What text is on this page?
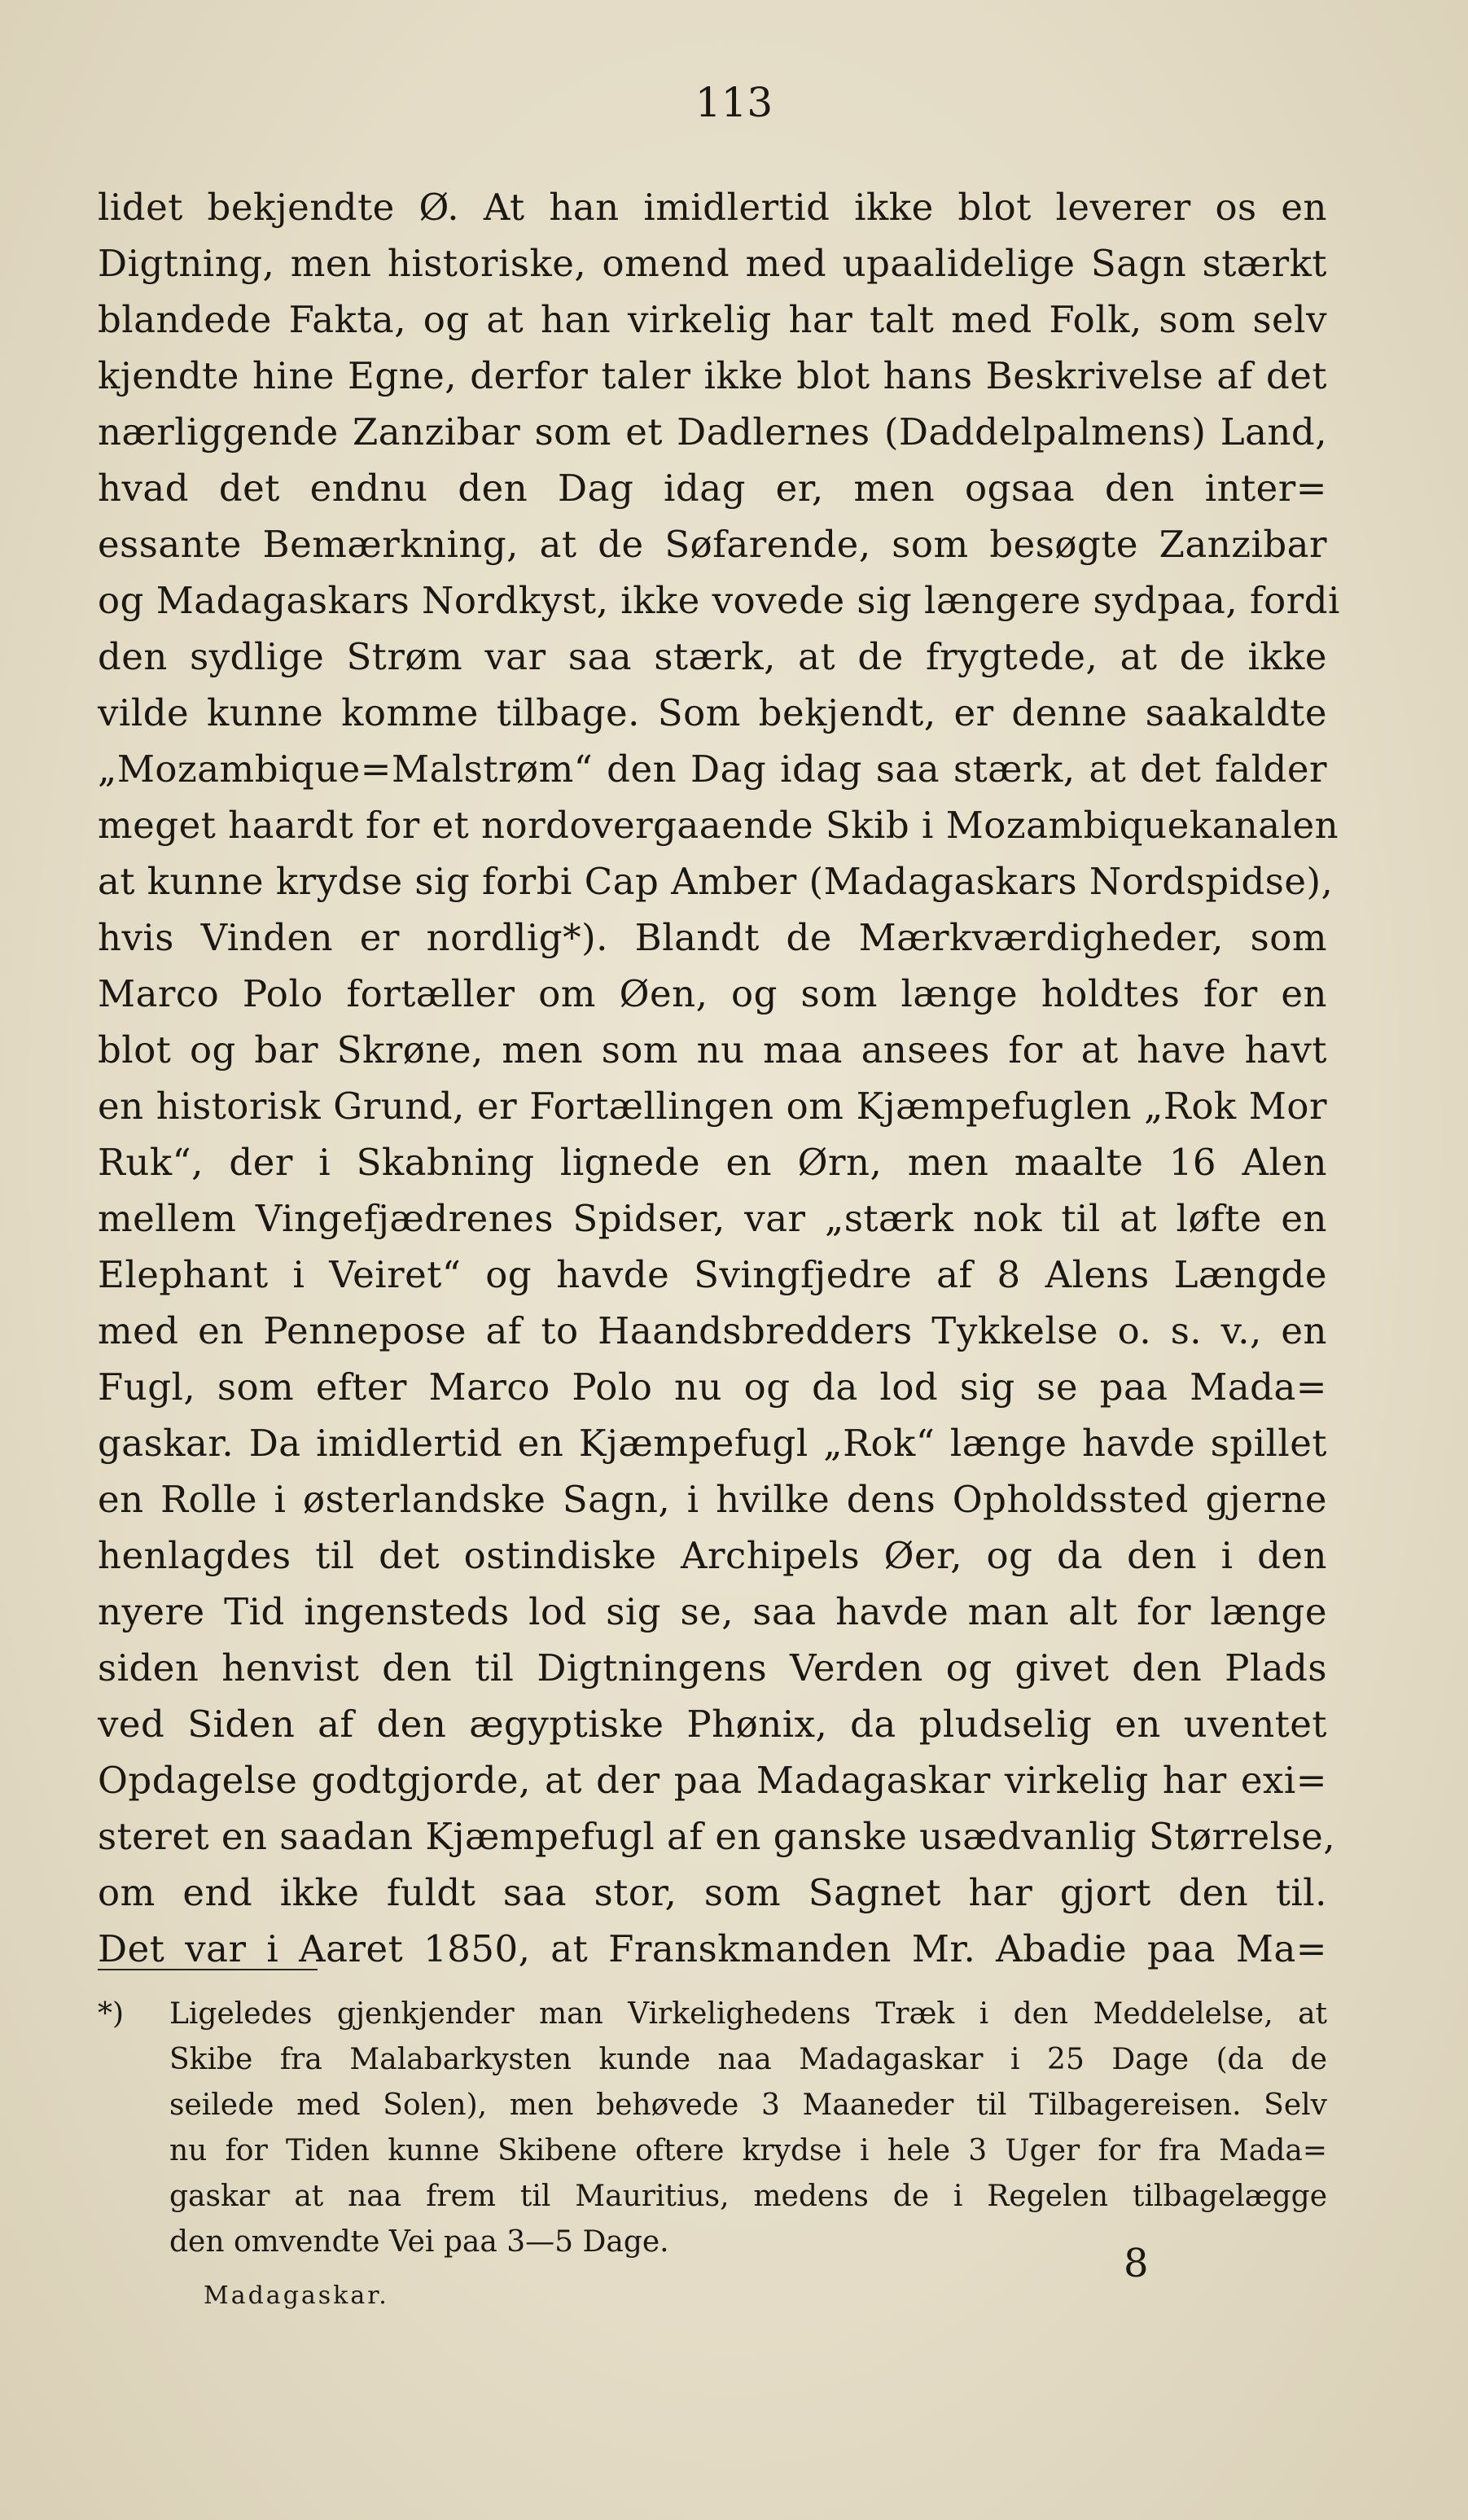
113
lidet bekjendte Ø. At han imidlertid ikke blot leverer os en
Digtning, men historiske, omend med upaalidelige Sagn stærkt
blandede Fakta, og at han virkelig har talt med Folk, som selv
kjendte hine Egne, derfor taler ikke blot hans Beskrivelse af det
nærliggende Zanzibar som et Dadlernes (Daddelpalmens) Land,
hvad det endnu den Dag idag er, men ogsaa den inter=
essante Bemærkning, at de Søfarende, som besøgte Zanzibar
og Madagaskars Nordkyst, ikke vovede sig længere sydpaa, fordi
den sydlige Strøm var saa stærk, at de frygtede, at de ikke
vilde kunne komme tilbage. Som bekjendt, er denne saakaldte
„Mozambique=Malstrøm“ den Dag idag saa stærk, at det falder
meget haardt for et nordovergaaende Skib i Mozambiquekanalen
at kunne krydse sig forbi Cap Amber (Madagaskars Nordspidse),
hvis Vinden er nordlig*). Blandt de Mærkværdigheder, som
Marco Polo fortæller om Øen, og som længe holdtes for en
blot og bar Skrøne, men som nu maa ansees for at have havt
en historisk Grund, er Fortællingen om Kjæmpefuglen „Rok Mor
Ruk“, der i Skabning lignede en Ørn, men maalte 16 Alen
mellem Vingefjædrenes Spidser, var „stærk nok til at løfte en
Elephant i Veiret“ og havde Svingfjedre af 8 Alens Længde
med en Pennepose af to Haandsbredders Tykkelse o. s. v., en
Fugl, som efter Marco Polo nu og da lod sig se paa Mada=
gaskar. Da imidlertid en Kjæmpefugl „Rok“ længe havde spillet
en Rolle i østerlandske Sagn, i hvilke dens Opholdssted gjerne
henlagdes til det ostindiske Archipels Øer, og da den i den
nyere Tid ingensteds lod sig se, saa havde man alt for længe
siden henvist den til Digtningens Verden og givet den Plads
ved Siden af den ægyptiske Phønix, da pludselig en uventet
Opdagelse godtgjorde, at der paa Madagaskar virkelig har exi=
steret en saadan Kjæmpefugl af en ganske usædvanlig Størrelse,
om end ikke fuldt saa stor, som Sagnet har gjort den til.
Det var i Aaret 1850, at Franskmanden Mr. Abadie paa Ma=
*)	Ligeledes gjenkjender man Virkelighedens Træk i den Meddelelse, at
Skibe fra Malabarkysten kunde naa Madagaskar i 25 Dage (da de
seilede med Solen), men behøvede 3 Maaneder til Tilbagereisen. Selv
nu for Tiden kunne Skibene oftere krydse i hele 3 Uger for fra Mada=
gaskar at naa frem til Mauritius, medens de i Regelen tilbagelægge
den omvendte Vei paa 3—5 Dage.	8
Madagaskar.
